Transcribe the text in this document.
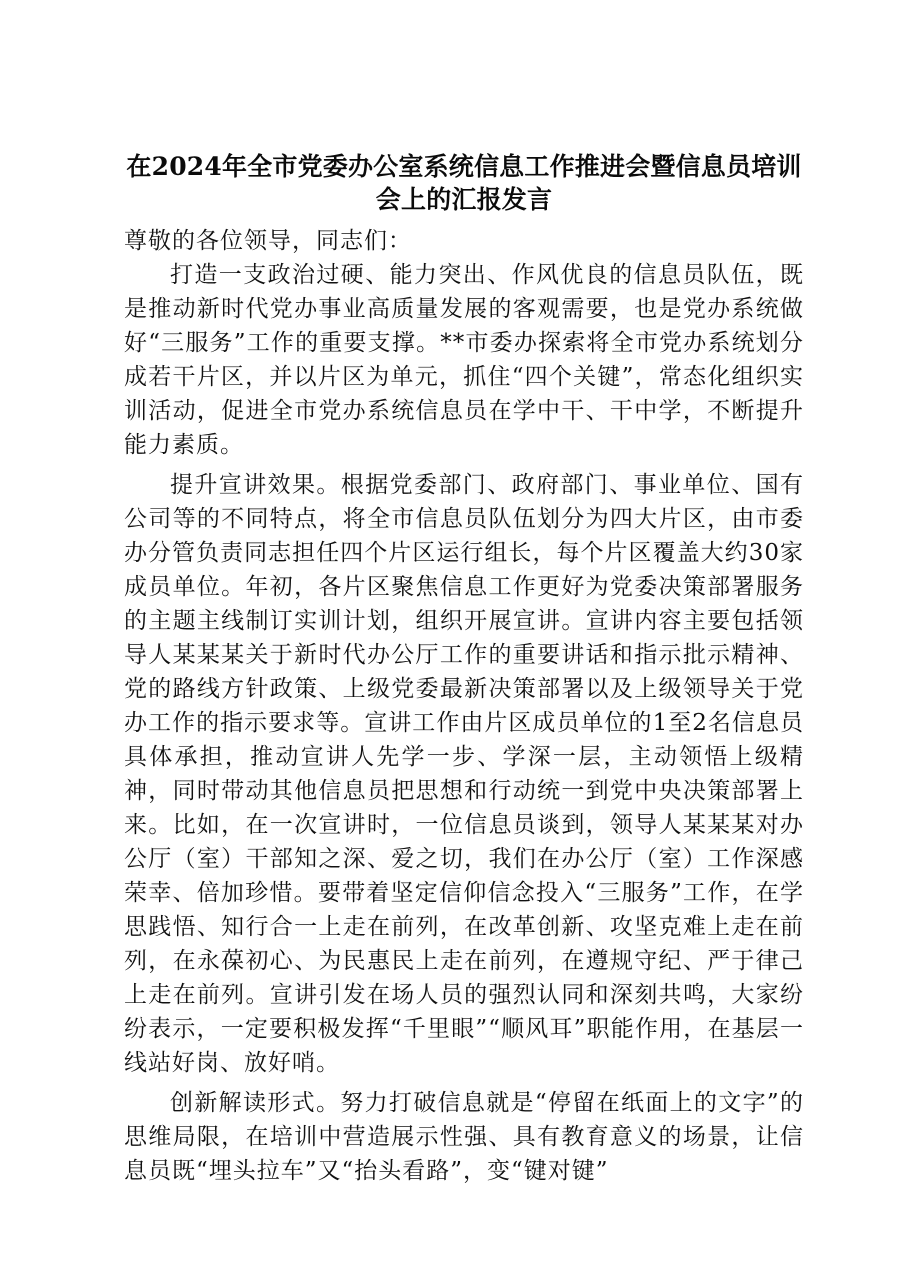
在2024年全市党委办公室系统信息工作推进会暨信息员培训会上的汇报发言

尊敬的各位领导，同志们：

打造一支政治过硬、能力突出、作风优良的信息员队伍，既是推动新时代党办事业高质量发展的客观需要，也是党办系统做好“三服务”工作的重要支撑。**市委办探索将全市党办系统划分成若干片区，并以片区为单元，抓住“四个关键”，常态化组织实训活动，促进全市党办系统信息员在学中干、干中学，不断提升能力素质。

提升宣讲效果。根据党委部门、政府部门、事业单位、国有公司等的不同特点，将全市信息员队伍划分为四大片区，由市委办分管负责同志担任四个片区运行组长，每个片区覆盖大约30家成员单位。年初，各片区聚焦信息工作更好为党委决策部署服务的主题主线制订实训计划，组织开展宣讲。宣讲内容主要包括领导人某某某关于新时代办公厅工作的重要讲话和指示批示精神、党的路线方针政策、上级党委最新决策部署以及上级领导关于党办工作的指示要求等。宣讲工作由片区成员单位的1至2名信息员具体承担，推动宣讲人先学一步、学深一层，主动领悟上级精神，同时带动其他信息员把思想和行动统一到党中央决策部署上来。比如，在一次宣讲时，一位信息员谈到，领导人某某某对办公厅（室）干部知之深、爱之切，我们在办公厅（室）工作深感荣幸、倍加珍惜。要带着坚定信仰信念投入“三服务”工作，在学思践悟、知行合一上走在前列，在改革创新、攻坚克难上走在前列，在永葆初心、为民惠民上走在前列，在遵规守纪、严于律己上走在前列。宣讲引发在场人员的强烈认同和深刻共鸣，大家纷纷表示，一定要积极发挥“千里眼”“顺风耳”职能作用，在基层一线站好岗、放好哨。

创新解读形式。努力打破信息就是“停留在纸面上的文字”的思维局限，在培训中营造展示性强、具有教育意义的场景，让信息员既“埋头拉车”又“抬头看路”，变“键对键”
